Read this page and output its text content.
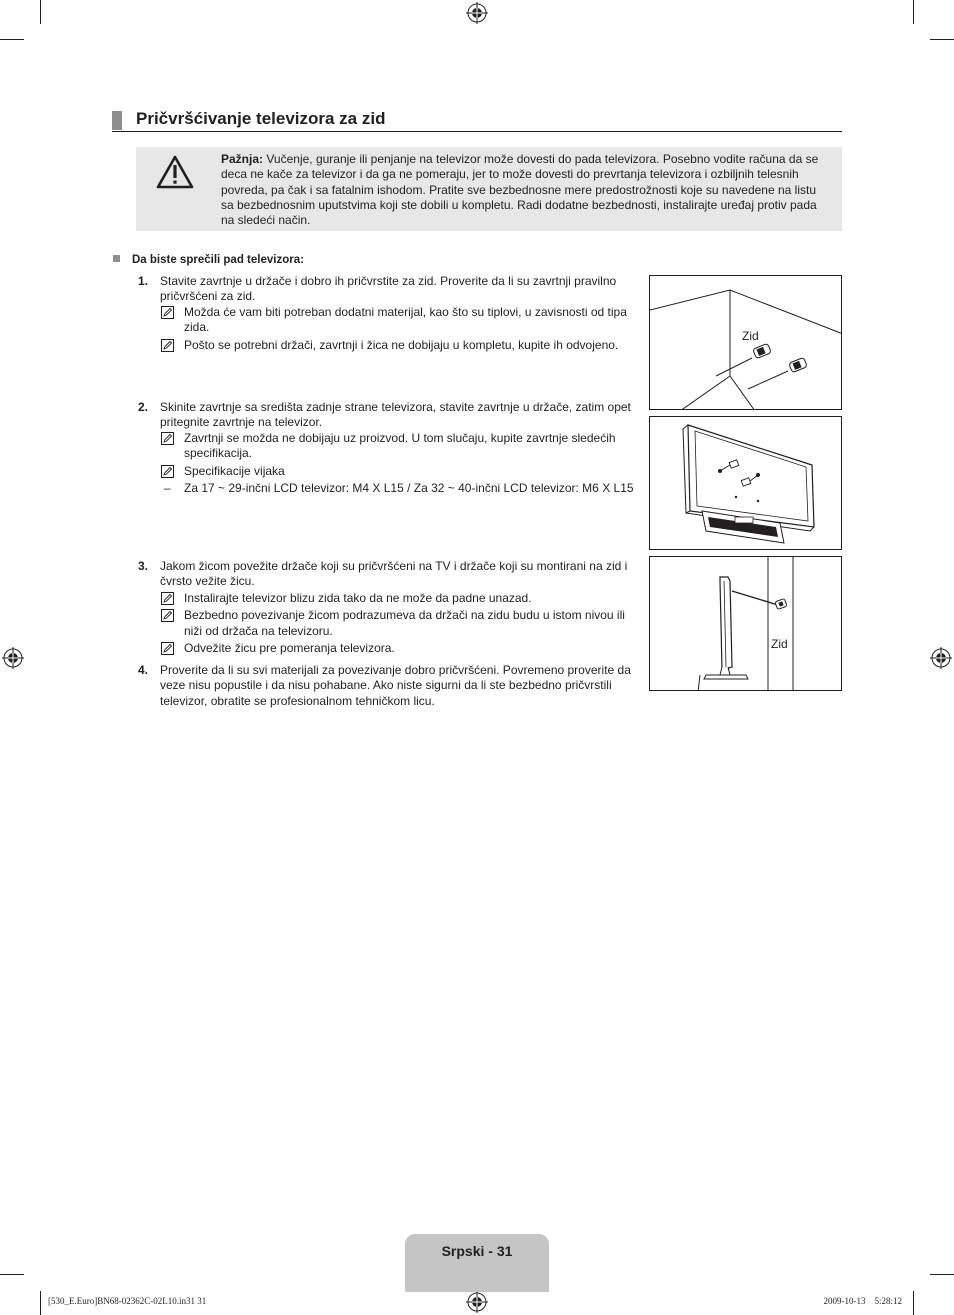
Pričvršćivanje televizora za zid
Pažnja: Vučenje, guranje ili penjanje na televizor može dovesti do pada televizora. Posebno vodite računa da se deca ne kače za televizor i da ga ne pomeraju, jer to može dovesti do prevrtanja televizora i ozbiljnih telesnih povreda, pa čak i sa fatalnim ishodom. Pratite sve bezbednosne mere predostrožnosti koje su navedene na listu sa bezbednosnim uputstvima koji ste dobili u kompletu. Radi dodatne bezbednosti, instalirajte uređaj protiv pada na sledeći način.
Da biste sprečili pad televizora:
1. Stavite zavrtnje u držače i dobro ih pričvrstite za zid. Proverite da li su zavrtnji pravilno pričvršćeni za zid.
Možda će vam biti potreban dodatni materijal, kao što su tiplovi, u zavisnosti od tipa zida.
Pošto se potrebni držači, zavrtnji i žica ne dobijaju u kompletu, kupite ih odvojeno.
2. Skinite zavrtnje sa središta zadnje strane televizora, stavite zavrtnje u držače, zatim opet pritegnite zavrtnje na televizor.
Zavrtnji se možda ne dobijaju uz proizvod. U tom slučaju, kupite zavrtnje sledećih specifikacija.
Specifikacije vijaka
– Za 17 ~ 29-inčni LCD televizor: M4 X L15 / Za 32 ~ 40-inčni LCD televizor: M6 X L15
3. Jakom žicom povežite držače koji su pričvršćeni na TV i držače koji su montirani na zid i čvrsto vežite žicu.
Instalirajte televizor blizu zida tako da ne može da padne unazad.
Bezbedno povezivanje žicom podrazumeva da držači na zidu budu u istom nivou ili niži od držača na televizoru.
Odvežite žicu pre pomeranja televizora.
4. Proverite da li su svi materijali za povezivanje dobro pričvršćeni. Povremeno proverite da veze nisu popustile i da nisu pohabane. Ako niste sigurni da li ste bezbedno pričvrstili televizor, obratite se profesionalnom tehničkom licu.
Zid
Zid
Srpski - 31
[530_E.Euro]BN68-02362C-02L10.in31 31	2009-10-13    5:28:12
